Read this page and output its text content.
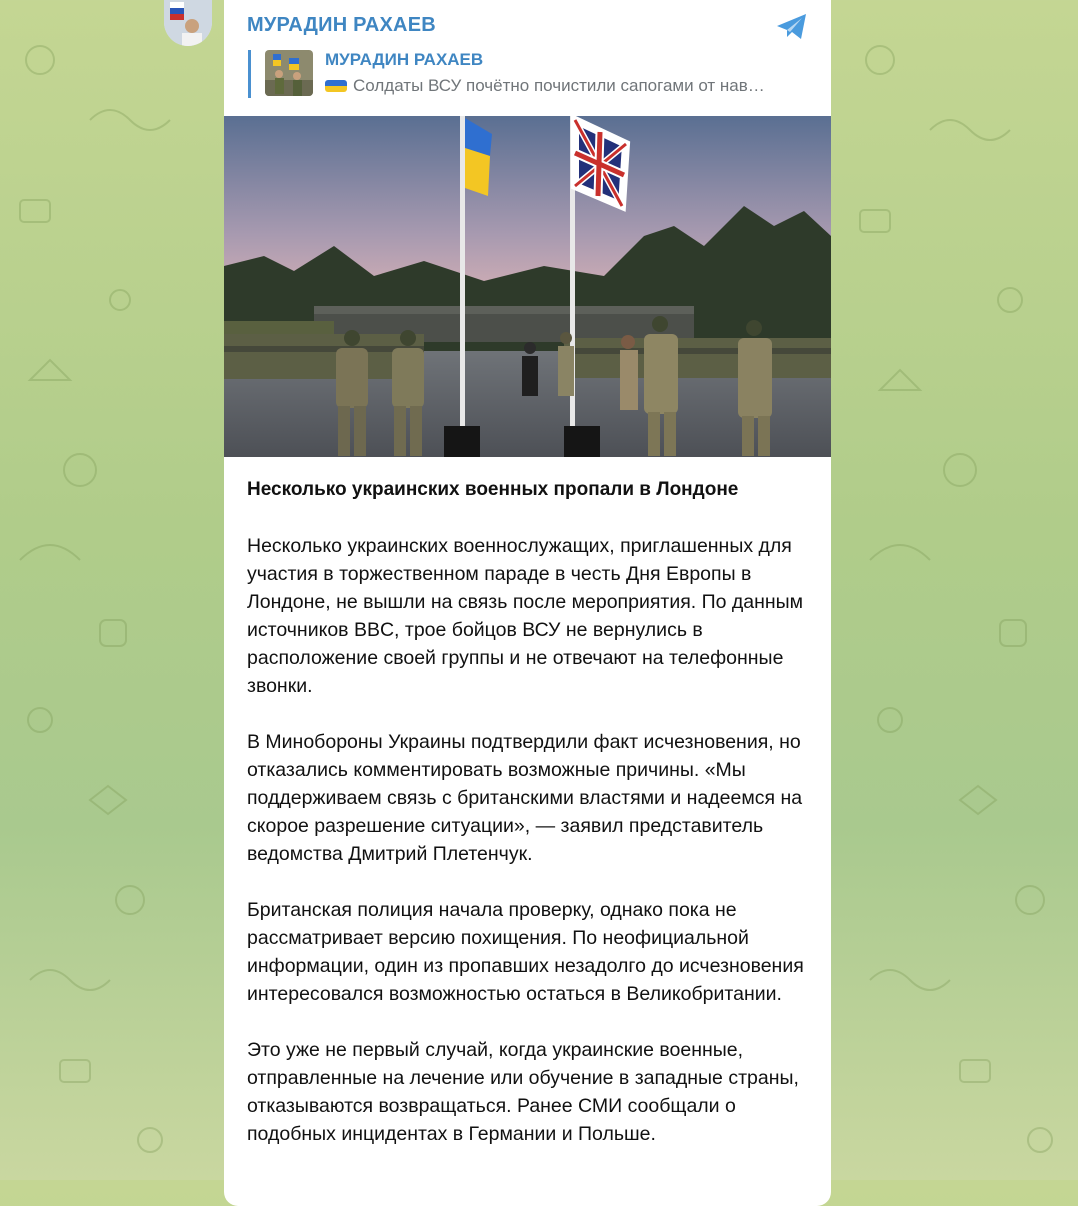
МУРАДИН РАХАЕВ

МУРАДИН РАХАЕВ

Солдаты ВСУ почётно почистили сапогами от нав…

Несколько украинских военных пропали в Лондоне

Несколько украинских военнослужащих, приглашенных для участия в торжественном параде в честь Дня Европы в Лондоне, не вышли на связь после мероприятия. По данным источников BBC, трое бойцов ВСУ не вернулись в расположение своей группы и не отвечают на телефонные звонки.

В Минобороны Украины подтвердили факт исчезновения, но отказались комментировать возможные причины. «Мы поддерживаем связь с британскими властями и надеемся на скорое разрешение ситуации», — заявил представитель ведомства Дмитрий Плетенчук.

Британская полиция начала проверку, однако пока не рассматривает версию похищения. По неофициальной информации, один из пропавших незадолго до исчезновения интересовался возможностью остаться в Великобритании.

Это уже не первый случай, когда украинские военные, отправленные на лечение или обучение в западные страны, отказываются возвращаться. Ранее СМИ сообщали о подобных инцидентах в Германии и Польше.
